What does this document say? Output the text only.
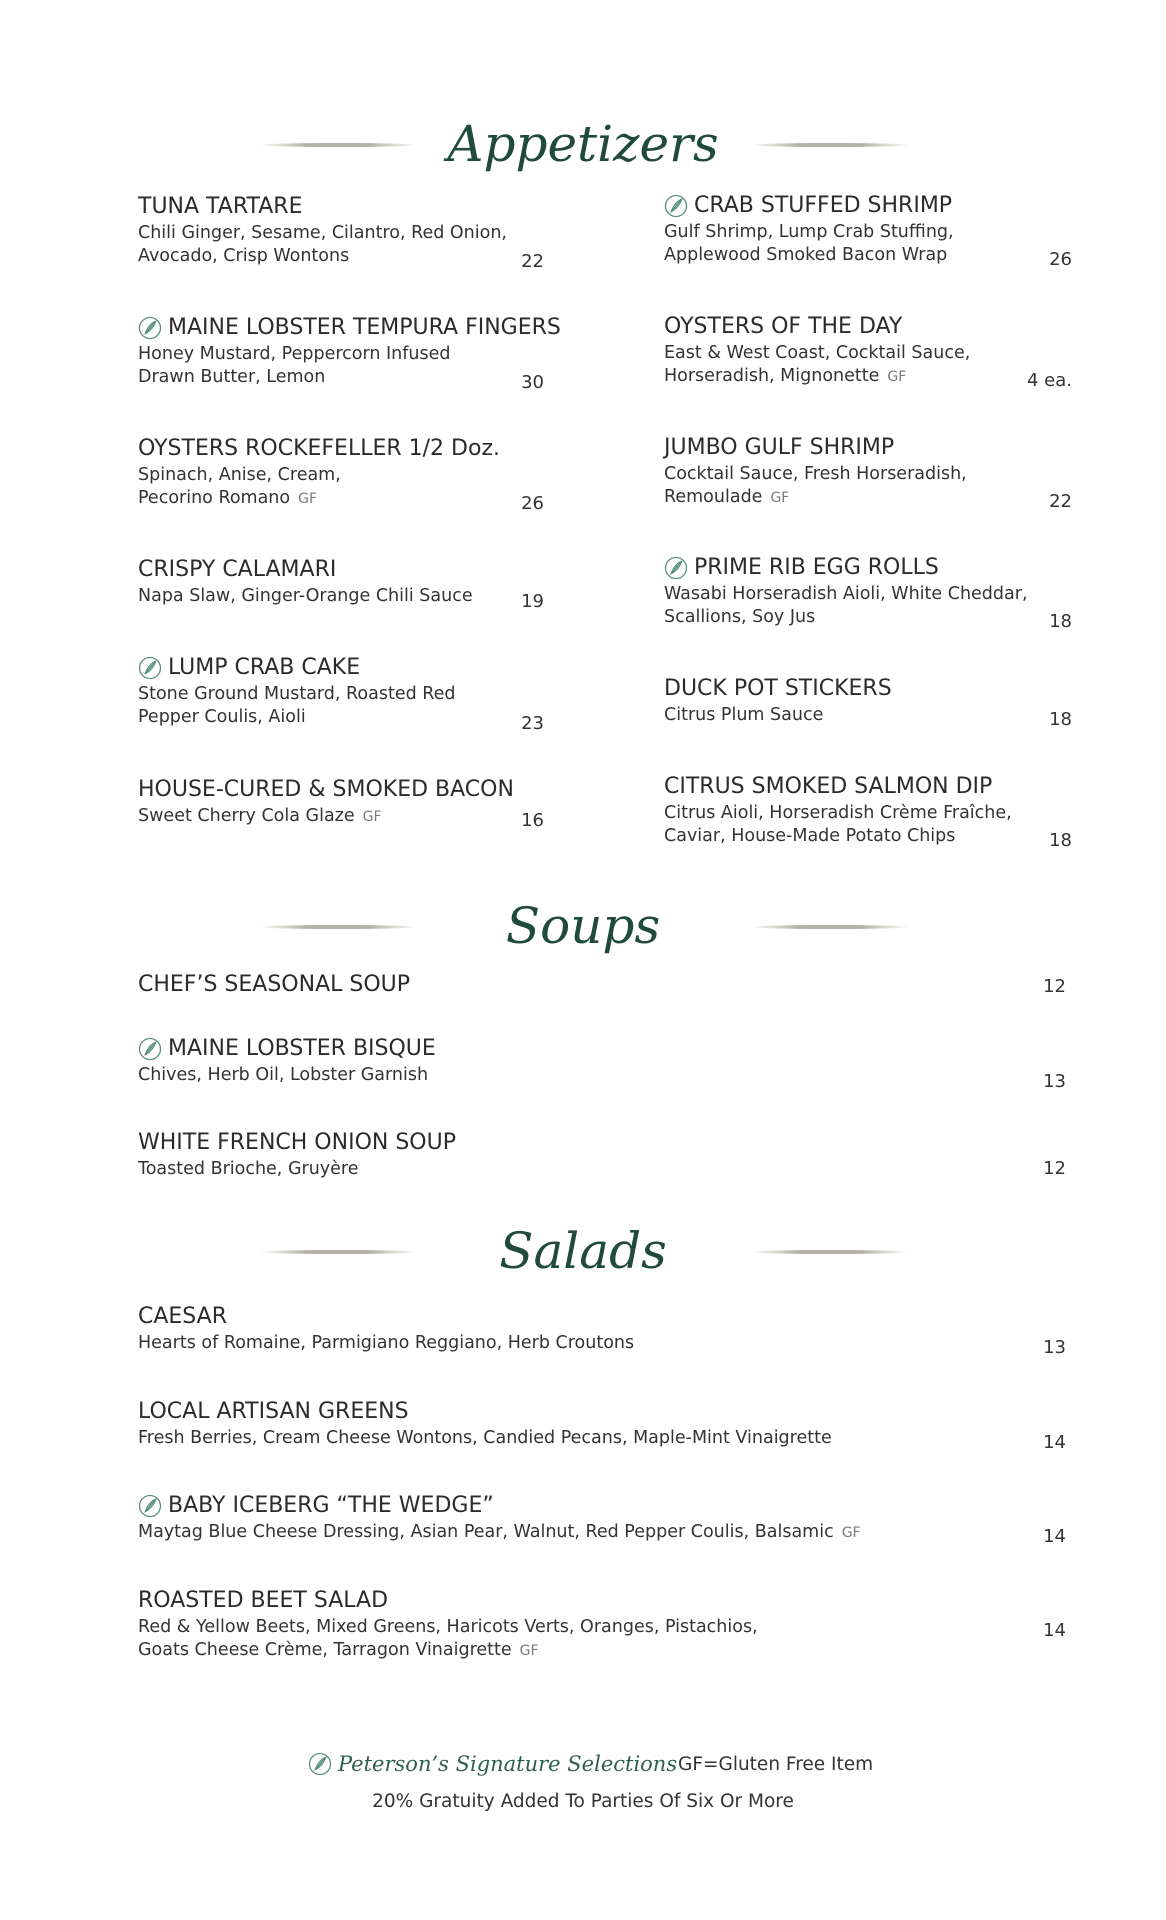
Appetizers
TUNA TARTARE
Chili Ginger, Sesame, Cilantro, Red Onion,
Avocado, Crisp Wontons	22
MAINE LOBSTER TEMPURA FINGERS
Honey Mustard, Peppercorn Infused
Drawn Butter, Lemon	30
OYSTERS ROCKEFELLER 1/2 Doz.
Spinach, Anise, Cream,
Pecorino Romano GF	26
CRISPY CALAMARI
Napa Slaw, Ginger-Orange Chili Sauce	19
LUMP CRAB CAKE
Stone Ground Mustard, Roasted Red
Pepper Coulis, Aioli	23
HOUSE-CURED & SMOKED BACON
Sweet Cherry Cola Glaze GF	16
CRAB STUFFED SHRIMP
Gulf Shrimp, Lump Crab Stuffing,
Applewood Smoked Bacon Wrap	26
OYSTERS OF THE DAY
East & West Coast, Cocktail Sauce,
Horseradish, Mignonette GF	4 ea.
JUMBO GULF SHRIMP
Cocktail Sauce, Fresh Horseradish,
Remoulade GF	22
PRIME RIB EGG ROLLS
Wasabi Horseradish Aioli, White Cheddar,
Scallions, Soy Jus	18
DUCK POT STICKERS
Citrus Plum Sauce	18
CITRUS SMOKED SALMON DIP
Citrus Aioli, Horseradish Crème Fraîche,
Caviar, House-Made Potato Chips	18
Soups
CHEF’S SEASONAL SOUP	12
MAINE LOBSTER BISQUE
Chives, Herb Oil, Lobster Garnish	13
WHITE FRENCH ONION SOUP
Toasted Brioche, Gruyère	12
Salads
CAESAR
Hearts of Romaine, Parmigiano Reggiano, Herb Croutons	13
LOCAL ARTISAN GREENS
Fresh Berries, Cream Cheese Wontons, Candied Pecans, Maple-Mint Vinaigrette	14
BABY ICEBERG “THE WEDGE”
Maytag Blue Cheese Dressing, Asian Pear, Walnut, Red Pepper Coulis, Balsamic GF	14
ROASTED BEET SALAD
Red & Yellow Beets, Mixed Greens, Haricots Verts, Oranges, Pistachios,
Goats Cheese Crème, Tarragon Vinaigrette GF
14
Peterson’s Signature Selections GF=Gluten Free Item
20% Gratuity Added To Parties Of Six Or More
